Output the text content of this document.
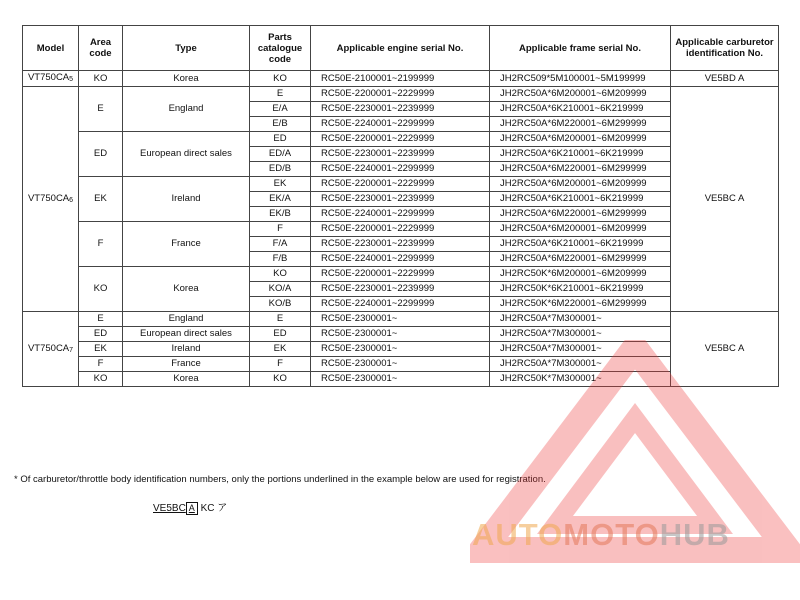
Model	Area code	Type	Parts catalogue code	Applicable engine serial No.	Applicable frame serial No.	Applicable carburetor identification No.
$VT750CA_5$	KO	Korea	KO	RC50E-2100001~2199999	JH2RC509*5M100001~5M199999	VE5BD A
$VT750CA_6$	E	England	E	RC50E-2200001~2229999	JH2RC50A*6M200001~6M209999	VE5BC A
			E/A	RC50E-2230001~2239999	JH2RC50A*6K210001~6K219999	
			E/B	RC50E-2240001~2299999	JH2RC50A*6M220001~6M299999	
	ED	European direct sales	ED	RC50E-2200001~2229999	JH2RC50A*6M200001~6M209999	
			ED/A	RC50E-2230001~2239999	JH2RC50A*6K210001~6K219999	
			ED/B	RC50E-2240001~2299999	JH2RC50A*6M220001~6M299999	
	EK	Ireland	EK	RC50E-2200001~2229999	JH2RC50A*6M200001~6M209999	
			EK/A	RC50E-2230001~2239999	JH2RC50A*6K210001~6K219999	
			EK/B	RC50E-2240001~2299999	JH2RC50A*6M220001~6M299999	
	F	France	F	RC50E-2200001~2229999	JH2RC50A*6M200001~6M209999	
			F/A	RC50E-2230001~2239999	JH2RC50A*6K210001~6K219999	
			F/B	RC50E-2240001~2299999	JH2RC50A*6M220001~6M299999	
	KO	Korea	KO	RC50E-2200001~2229999	JH2RC50K*6M200001~6M209999	
			KO/A	RC50E-2230001~2239999	JH2RC50K*6K210001~6K219999	
			KO/B	RC50E-2240001~2299999	JH2RC50K*6M220001~6M299999	
$VT750CA_7$	E	England	E	RC50E-2300001~	JH2RC50A*7M300001~	VE5BC A
	ED	European direct sales	ED	RC50E-2300001~	JH2RC50A*7M300001~	
	EK	Ireland	EK	RC50E-2300001~	JH2RC50A*7M300001~	
	F	France	F	RC50E-2300001~	JH2RC50A*7M300001~	
	KO	Korea	KO	RC50E-2300001~	JH2RC50K*7M300001~	
* Of carburetor/throttle body identification numbers, only the portions underlined in the example below are used for registration.
VE5BC A KC ア
AUTOMOTOHUB
